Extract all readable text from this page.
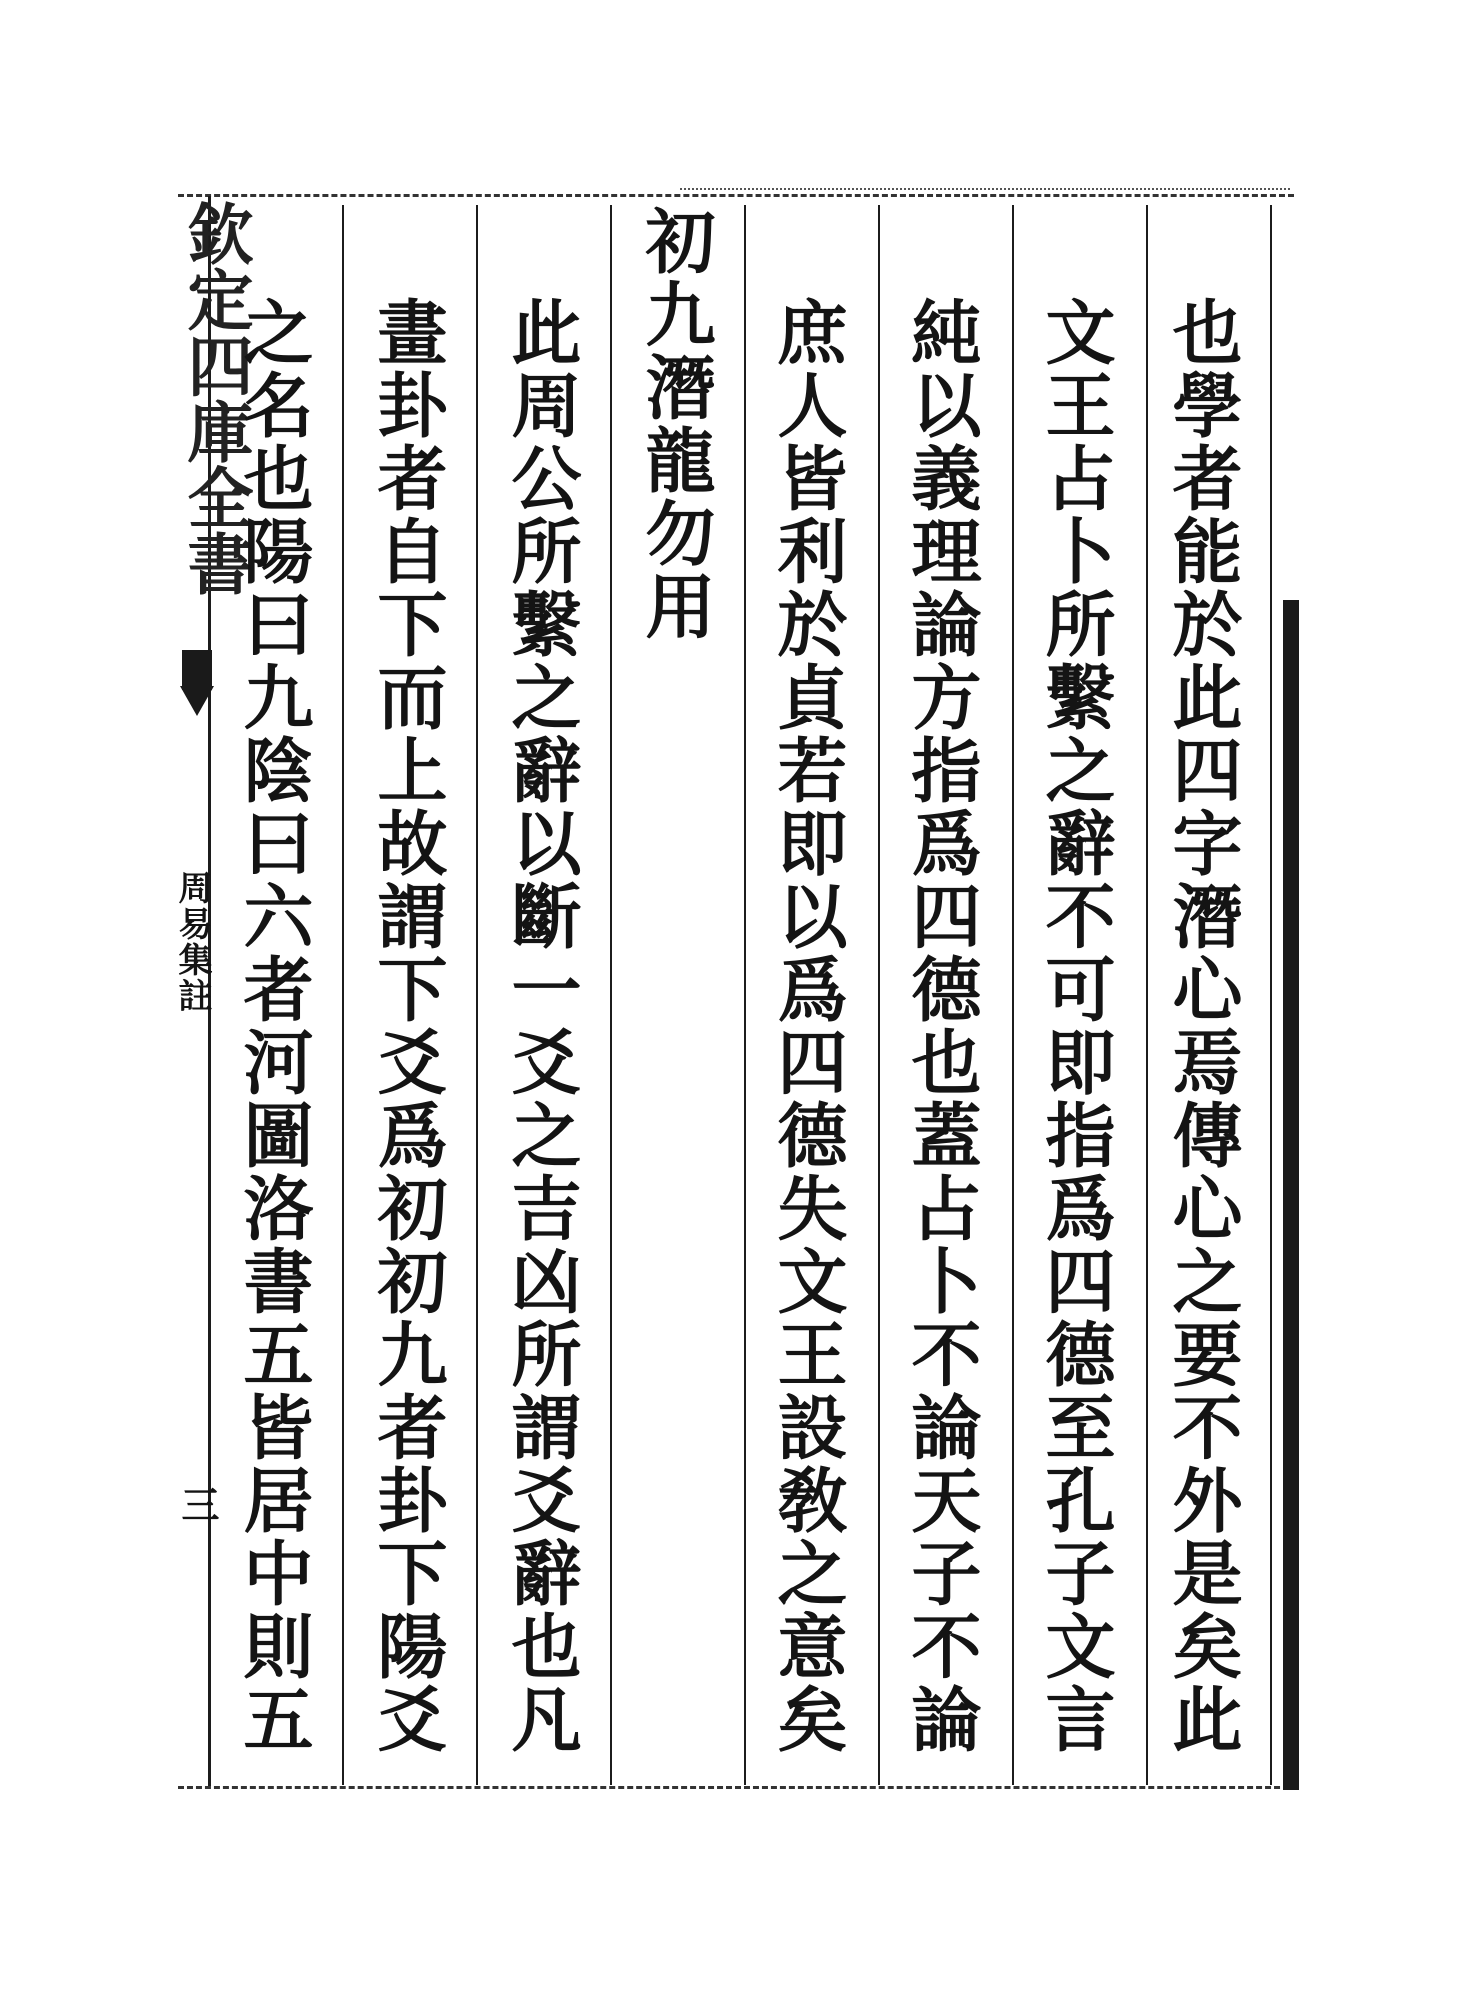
欽定四庫全書
周易集註
三	也學者能於此四字潛心焉傳心之要不外是矣此
文王占卜所繫之辭不可即指爲四德至孔子文言
純以義理論方指爲四德也蓋占卜不論天子不論
庶人皆利於貞若即以爲四德失文王設敎之意矣
初九潛龍勿用
此周公所繫之辭以斷一爻之吉凶所謂爻辭也凡
畫卦者自下而上故謂下爻爲初初九者卦下陽爻
之名也陽曰九陰曰六者河圖洛書五皆居中則五
